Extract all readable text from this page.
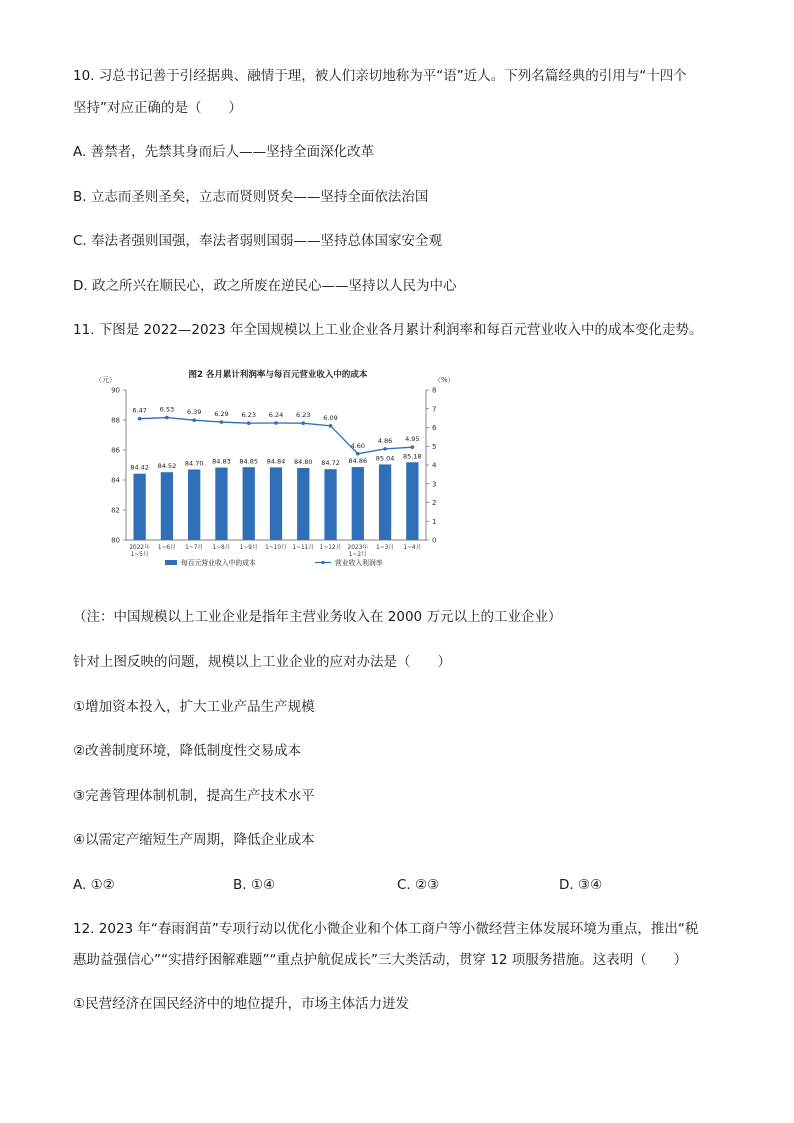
10. 习总书记善于引经据典、融情于理，被人们亲切地称为平“语”近人。下列名篇经典的引用与“十四个
坚持”对应正确的是（　　）
A. 善禁者，先禁其身而后人——坚持全面深化改革
B. 立志而圣则圣矣，立志而贤则贤矣——坚持全面依法治国
C. 奉法者强则国强，奉法者弱则国弱——坚持总体国家安全观
D. 政之所兴在顺民心，政之所废在逆民心——坚持以人民为中心
11. 下图是 2022—2023 年全国规模以上工业企业各月累计利润率和每百元营业收入中的成本变化走势。
图2 各月累计利润率与每百元营业收入中的成本
（元）	（%）
80
82
84
86
88
90
0
1
2
3
4
5
6
7
8
84.42 84.52 84.70 84.83 84.85 84.84 84.80 84.72 84.86 85.04 85.18
6.47 6.53 6.39 6.29 6.23 6.24 6.23 6.09
4.60
4.86 4.95
2022年
1~5月
1~6月 1~7月 1~8月 1~9月 1~10月 1~11月 1~12月 2023年
1~2月
1~3月 1~4月
每百元营业收入中的成本	营业收入利润率
（注：中国规模以上工业企业是指年主营业务收入在 2000 万元以上的工业企业）
针对上图反映的问题，规模以上工业企业的应对办法是（　　）
①增加资本投入，扩大工业产品生产规模
②改善制度环境，降低制度性交易成本
③完善管理体制机制，提高生产技术水平
④以需定产缩短生产周期，降低企业成本
A. ①②	B. ①④	C. ②③	D. ③④
12. 2023 年“春雨润苗”专项行动以优化小微企业和个体工商户等小微经营主体发展环境为重点，推出“税
惠助益强信心”“实措纾困解难题”“重点护航促成长”三大类活动，贯穿 12 项服务措施。这表明（　　）
①民营经济在国民经济中的地位提升，市场主体活力迸发
